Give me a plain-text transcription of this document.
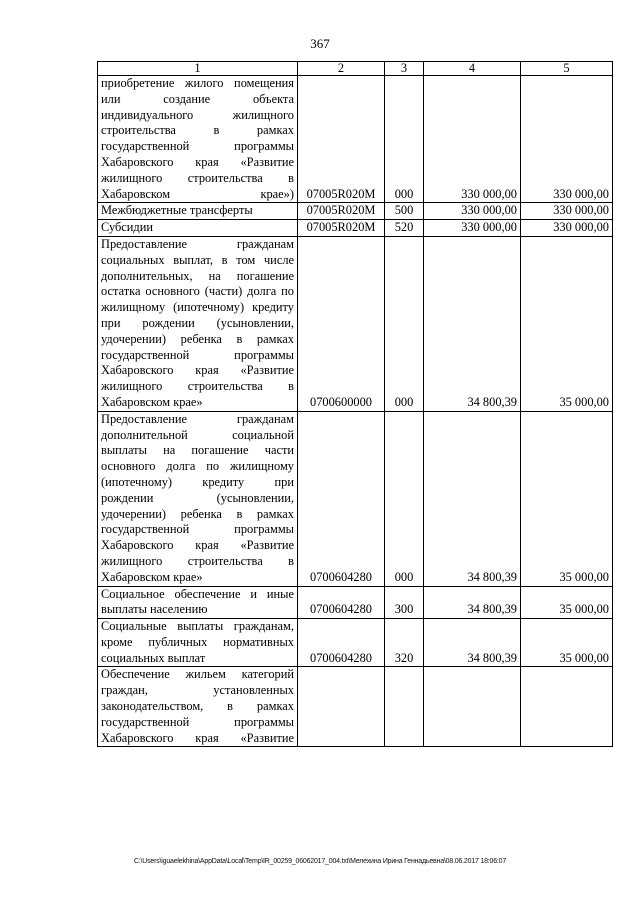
367
1	2	3	4	5
приобретение жилого помещения или создание объекта индивидуального жилищного строительства в рамках государственной программы Хабаровского края «Развитие жилищного строительства в Хабаровском крае»)	07005R020M	000	330 000,00	330 000,00
Межбюджетные трансферты	07005R020M	500	330 000,00	330 000,00
Субсидии	07005R020M	520	330 000,00	330 000,00
Предоставление гражданам социальных выплат, в том числе дополнительных, на погашение остатка основного (части) долга по жилищному (ипотечному) кредиту при рождении (усыновлении, удочерении) ребенка в рамках государственной программы Хабаровского края «Развитие жилищного строительства в Хабаровском крае»	0700600000	000	34 800,39	35 000,00
Предоставление гражданам дополнительной социальной выплаты на погашение части основного долга по жилищному (ипотечному) кредиту при рождении (усыновлении, удочерении) ребенка в рамках государственной программы Хабаровского края «Развитие жилищного строительства в Хабаровском крае»	0700604280	000	34 800,39	35 000,00
Социальное обеспечение и иные выплаты населению	0700604280	300	34 800,39	35 000,00
Социальные выплаты гражданам, кроме публичных нормативных социальных выплат	0700604280	320	34 800,39	35 000,00
Обеспечение жильем категорий граждан, установленных законодательством, в рамках государственной программы Хабаровского края «Развитие				
C:\Users\iguaelekhina\AppData\Local\Temp\IR_00259_06062017_004.txt\Мелехина Ирина Геннадьевна\08.06.2017 18:06:07
